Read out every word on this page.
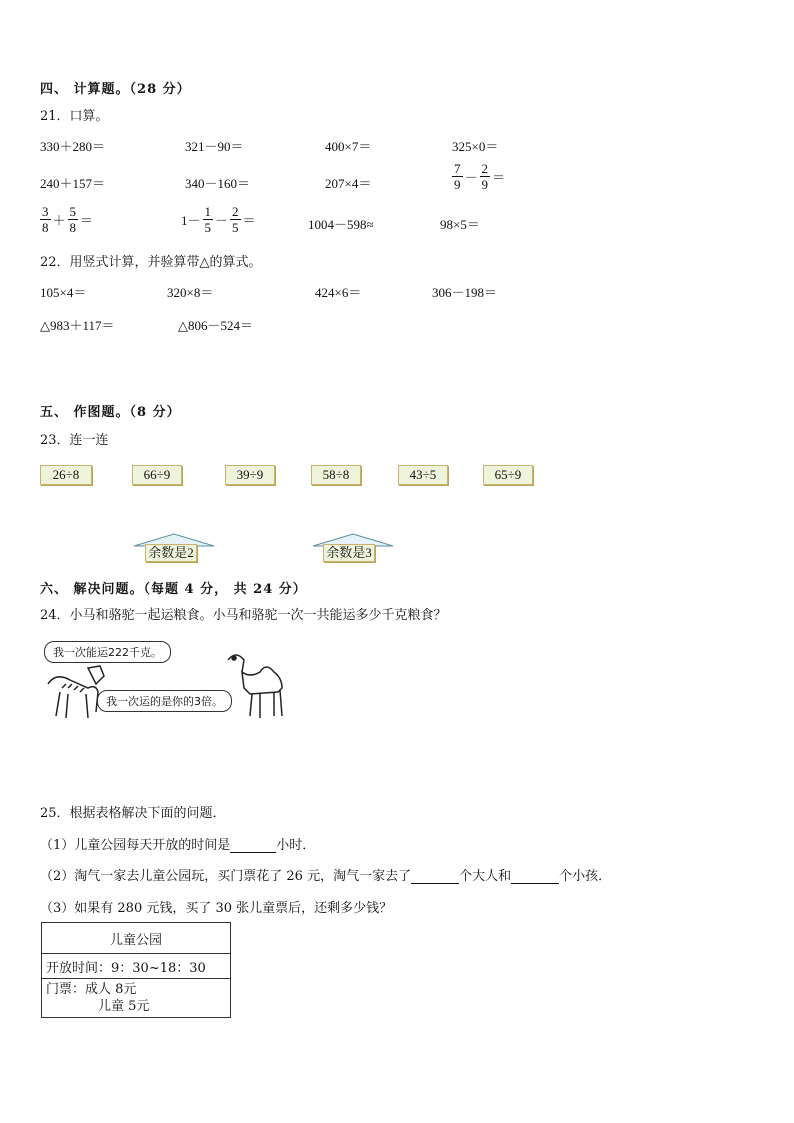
四、 计算题。（28 分）
21．口算。
330＋280＝	321－90＝	400×7＝	325×0＝
240＋157＝	340－160＝	207×4＝	$\frac{7}{9} - \frac{2}{9}$ ＝
$\frac{3}{8} + \frac{5}{8}$ ＝	$1- \frac{1}{5} - \frac{2}{5}$ ＝	1004－598≈	98×5＝
22．用竖式计算，并验算带△的算式。
105×4＝	320×8＝	424×6＝	306－198＝
△983＋117＝	△806－524＝
五、 作图题。（8 分）
23．连一连
26÷8	66÷9	39÷9	58÷8	43÷5	65÷9
余数是2	余数是3
六、 解决问题。（每题 4 分， 共 24 分）
24．小马和骆驼一起运粮食。小马和骆驼一次一共能运多少千克粮食？
我一次能运222千克。
我一次运的是你的3倍。
25．根据表格解决下面的问题．
（1）儿童公园每天开放的时间是	小时．
（2）淘气一家去儿童公园玩，买门票花了 26 元，淘气一家去了	个大人和	个小孩．
（3）如果有 280 元钱，买了 30 张儿童票后，还剩多少钱？
儿童公园
开放时间：9：30~18：30

门票：成人 8元
儿童 5元
